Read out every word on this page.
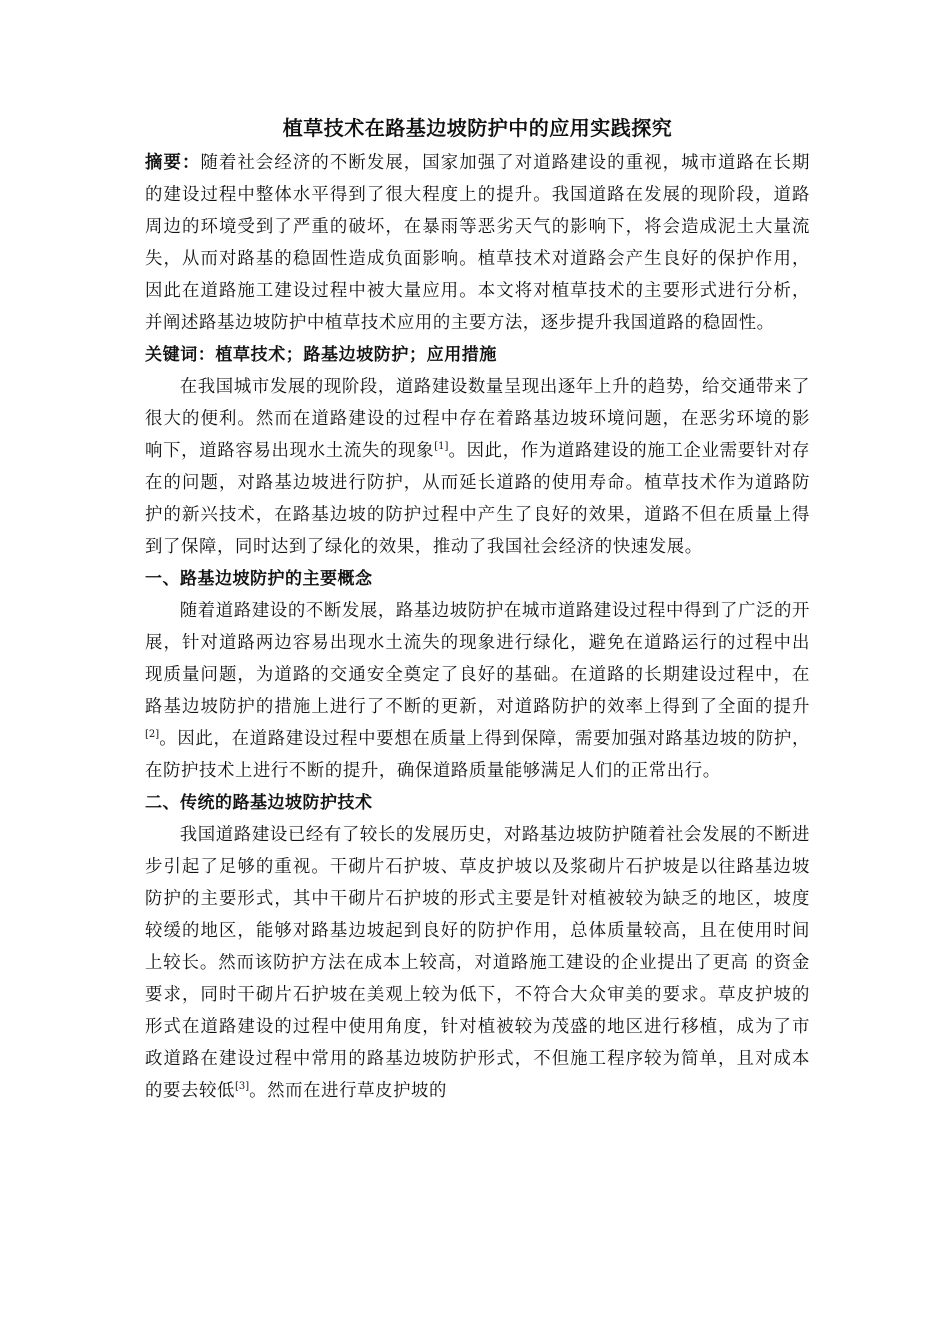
植草技术在路基边坡防护中的应用实践探究

摘要：随着社会经济的不断发展，国家加强了对道路建设的重视，城市道路在长期的建设过程中整体水平得到了很大程度上的提升。我国道路在发展的现阶段，道路周边的环境受到了严重的破坏，在暴雨等恶劣天气的影响下，将会造成泥土大量流失，从而对路基的稳固性造成负面影响。植草技术对道路会产生良好的保护作用，因此在道路施工建设过程中被大量应用。本文将对植草技术的主要形式进行分析，并阐述路基边坡防护中植草技术应用的主要方法，逐步提升我国道路的稳固性。

关键词：植草技术；路基边坡防护；应用措施

在我国城市发展的现阶段，道路建设数量呈现出逐年上升的趋势，给交通带来了很大的便利。然而在道路建设的过程中存在着路基边坡环境问题，在恶劣环境的影响下，道路容易出现水土流失的现象[1]。因此，作为道路建设的施工企业需要针对存在的问题，对路基边坡进行防护，从而延长道路的使用寿命。植草技术作为道路防护的新兴技术，在路基边坡的防护过程中产生了良好的效果，道路不但在质量上得到了保障，同时达到了绿化的效果，推动了我国社会经济的快速发展。

一、路基边坡防护的主要概念

随着道路建设的不断发展，路基边坡防护在城市道路建设过程中得到了广泛的开展，针对道路两边容易出现水土流失的现象进行绿化，避免在道路运行的过程中出现质量问题，为道路的交通安全奠定了良好的基础。在道路的长期建设过程中，在路基边坡防护的措施上进行了不断的更新，对道路防护的效率上得到了全面的提升[2]。因此，在道路建设过程中要想在质量上得到保障，需要加强对路基边坡的防护，在防护技术上进行不断的提升，确保道路质量能够满足人们的正常出行。

二、传统的路基边坡防护技术

我国道路建设已经有了较长的发展历史，对路基边坡防护随着社会发展的不断进步引起了足够的重视。干砌片石护坡、草皮护坡以及浆砌片石护坡是以往路基边坡防护的主要形式，其中干砌片石护坡的形式主要是针对植被较为缺乏的地区，坡度较缓的地区，能够对路基边坡起到良好的防护作用，总体质量较高，且在使用时间上较长。然而该防护方法在成本上较高，对道路施工建设的企业提出了更高 的资金要求，同时干砌片石护坡在美观上较为低下，不符合大众审美的要求。草皮护坡的形式在道路建设的过程中使用角度，针对植被较为茂盛的地区进行移植，成为了市政道路在建设过程中常用的路基边坡防护形式，不但施工程序较为简单，且对成本的要去较低[3]。然而在进行草皮护坡的
